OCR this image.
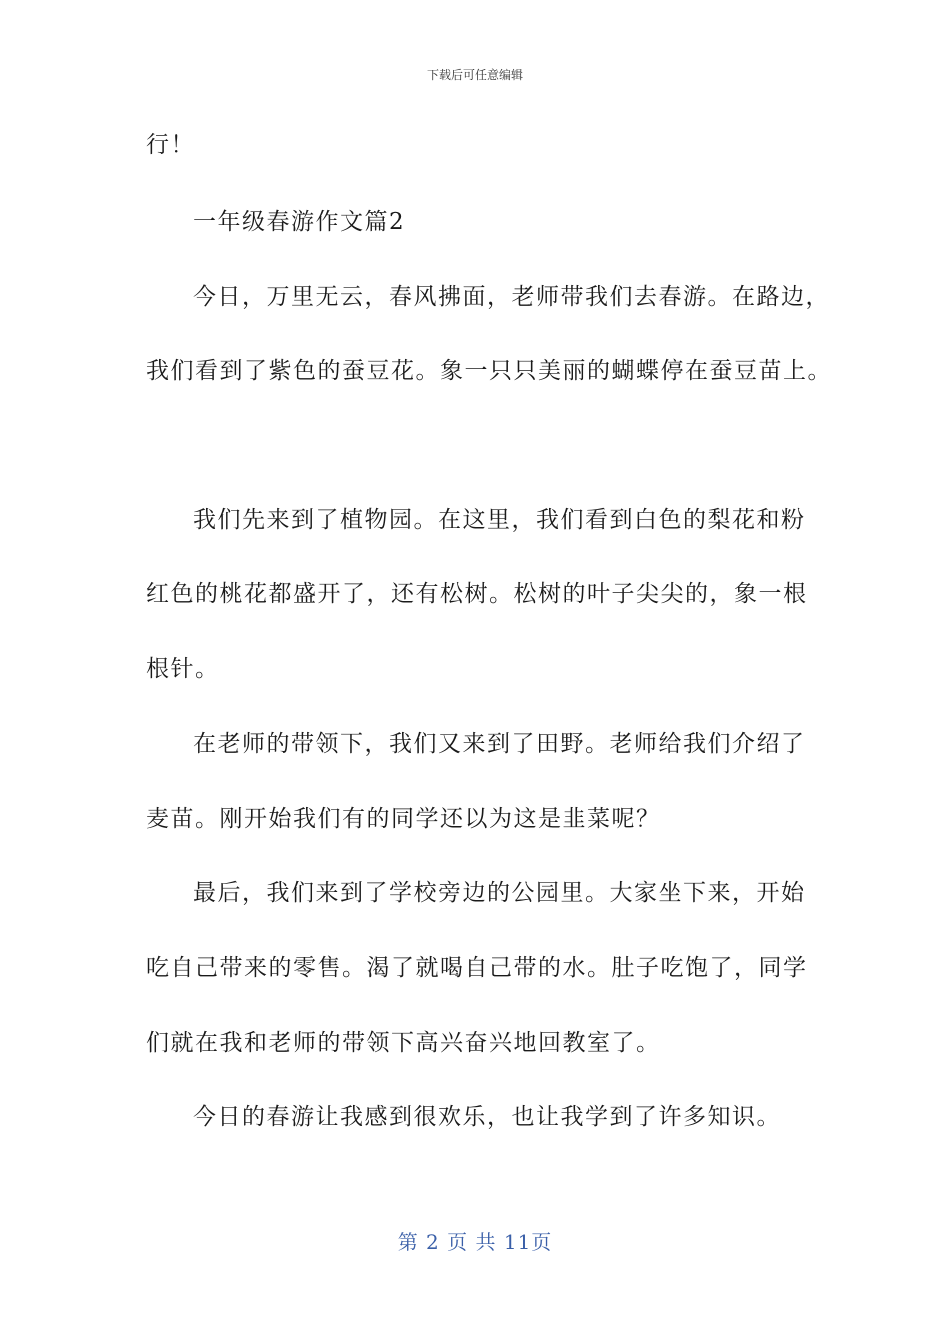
下载后可任意编辑
行！
一年级春游作文篇2
今日，万里无云，春风拂面，老师带我们去春游。在路边，
我们看到了紫色的蚕豆花。象一只只美丽的蝴蝶停在蚕豆苗上。
我们先来到了植物园。在这里，我们看到白色的梨花和粉
红色的桃花都盛开了，还有松树。松树的叶子尖尖的，象一根
根针。
在老师的带领下，我们又来到了田野。老师给我们介绍了
麦苗。刚开始我们有的同学还以为这是韭菜呢？
最后，我们来到了学校旁边的公园里。大家坐下来，开始
吃自己带来的零售。渴了就喝自己带的水。肚子吃饱了，同学
们就在我和老师的带领下高兴奋兴地回教室了。
今日的春游让我感到很欢乐，也让我学到了许多知识。
第 2 页 共 11页
